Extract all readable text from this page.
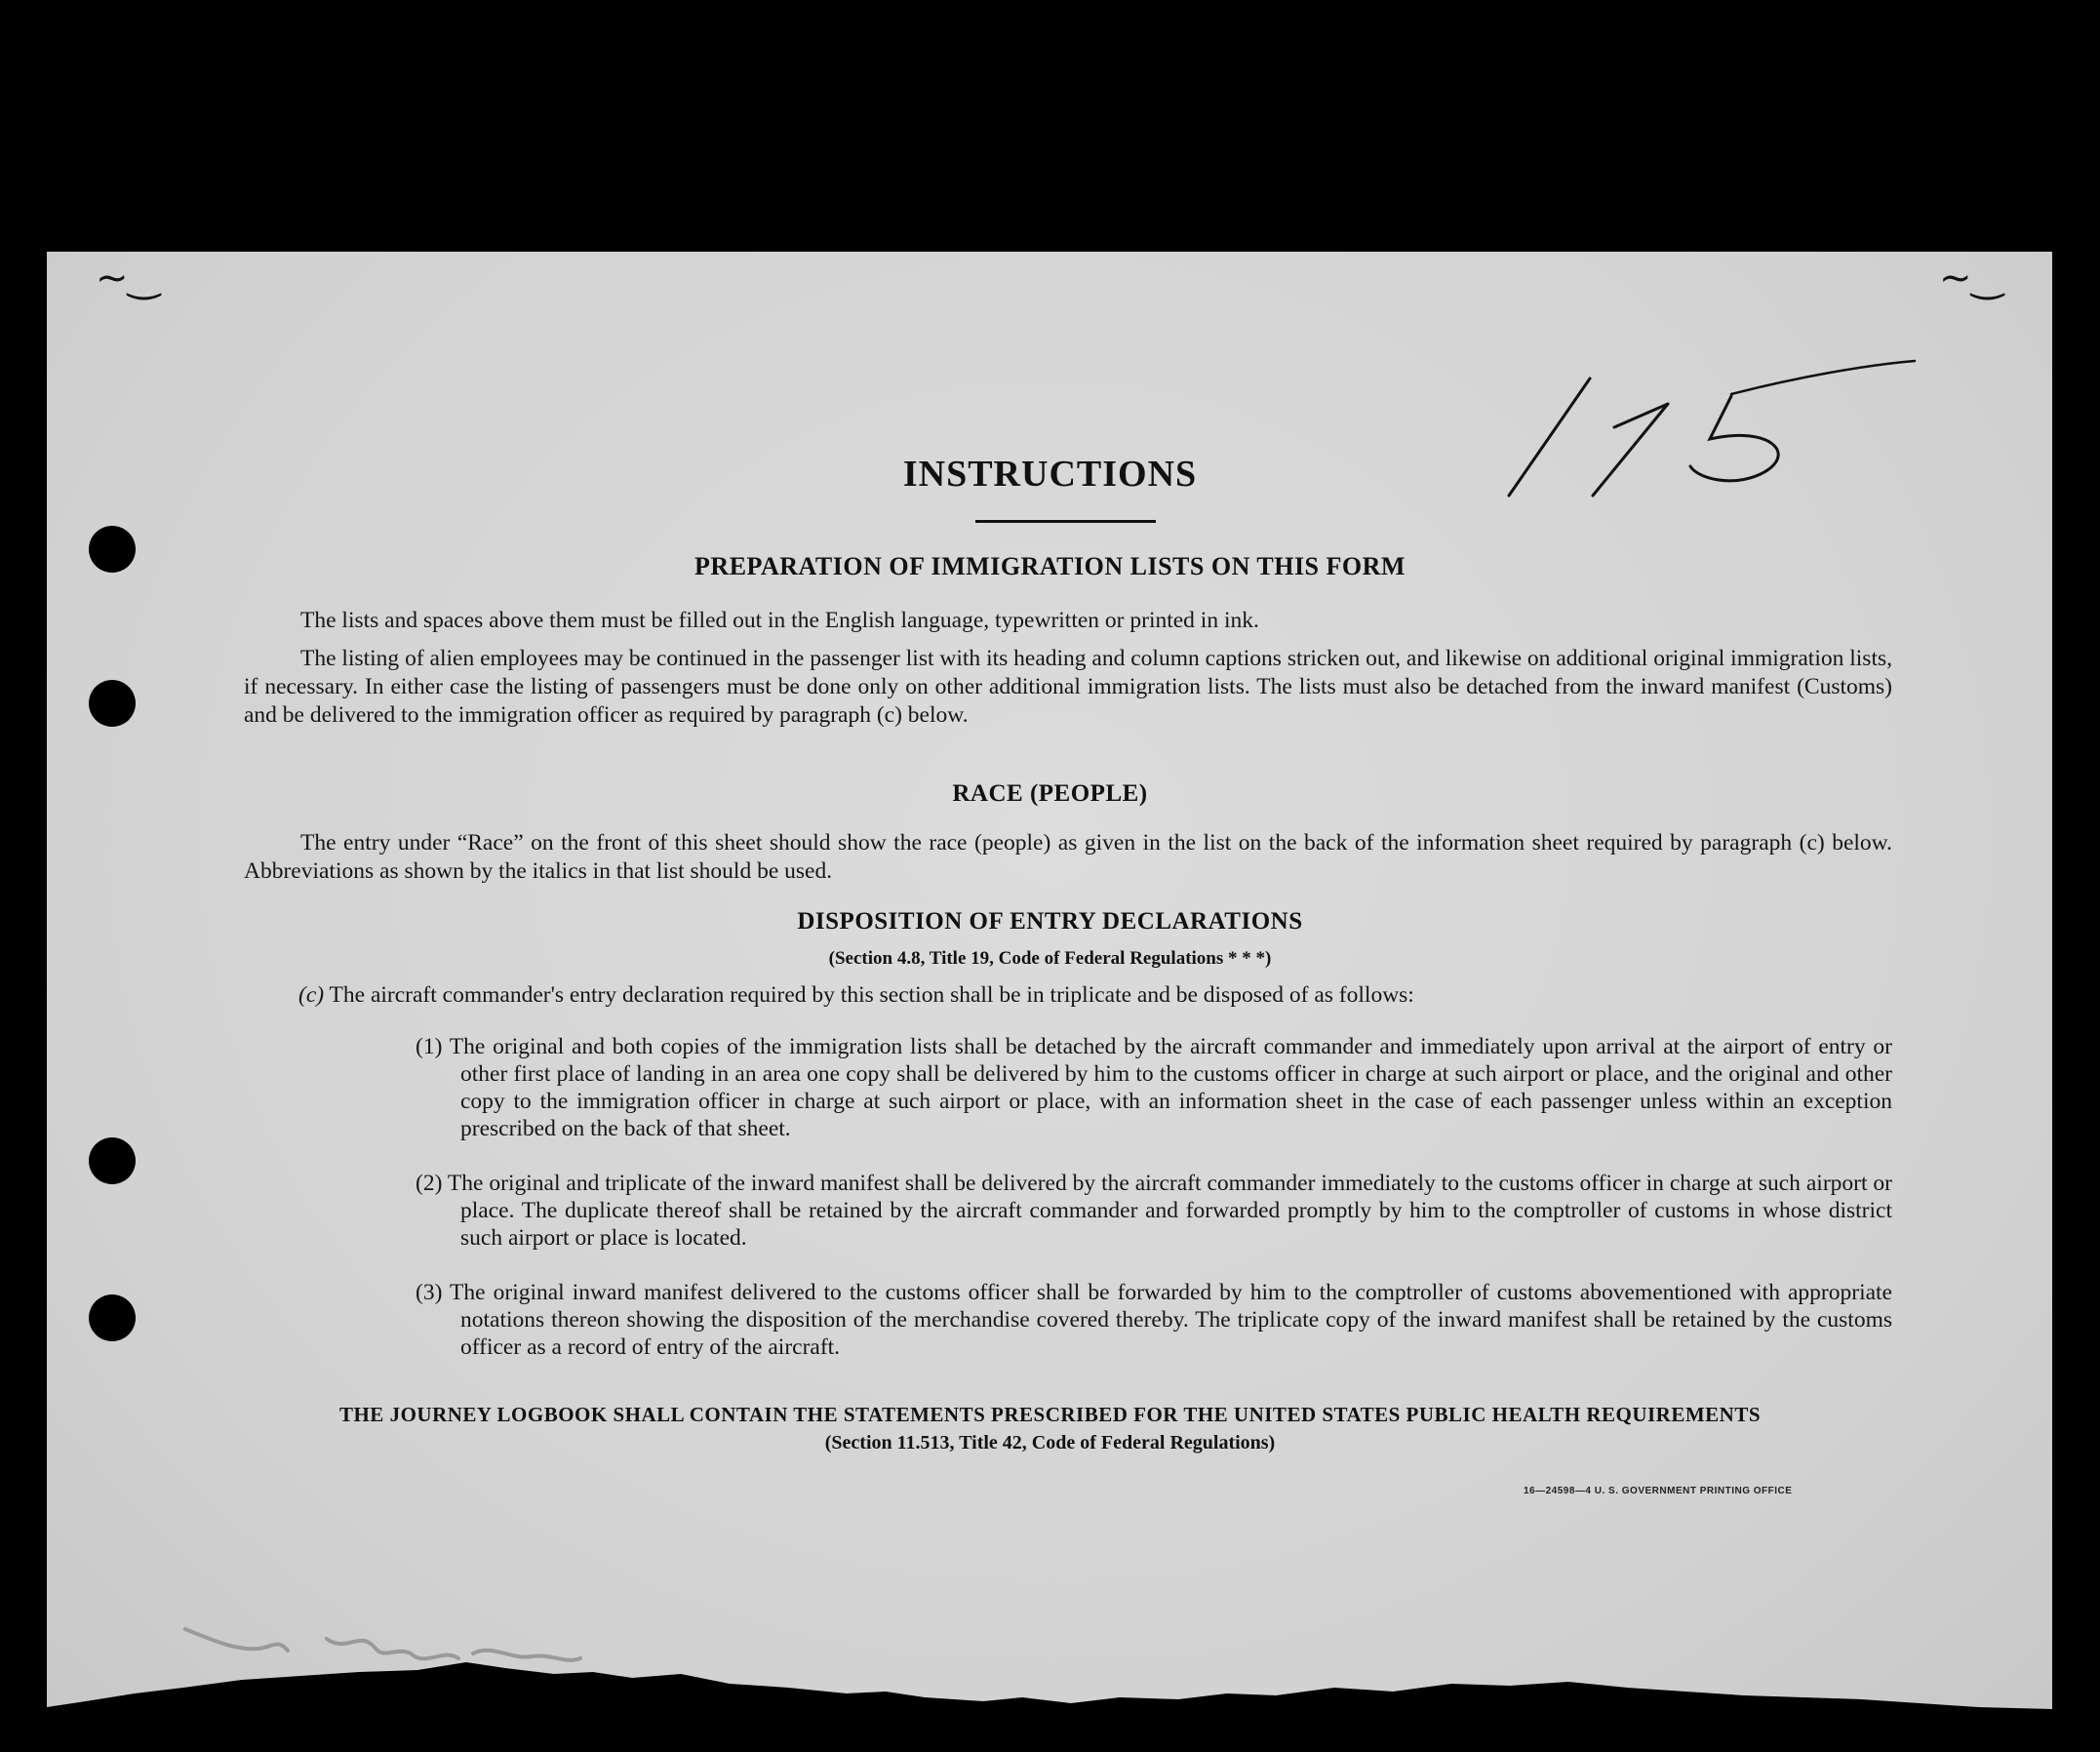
~‿	~‿
INSTRUCTIONS
PREPARATION OF IMMIGRATION LISTS ON THIS FORM

The lists and spaces above them must be filled out in the English language, typewritten or printed in ink.

The listing of alien employees may be continued in the passenger list with its heading and column captions stricken out, and likewise on additional original immigration lists, if necessary. In either case the listing of passengers must be done only on other additional immigration lists. The lists must also be detached from the inward manifest (Customs) and be delivered to the immigration officer as required by paragraph (c) below.

RACE (PEOPLE)

The entry under “Race” on the front of this sheet should show the race (people) as given in the list on the back of the information sheet required by paragraph (c) below. Abbreviations as shown by the italics in that list should be used.

DISPOSITION OF ENTRY DECLARATIONS
(Section 4.8, Title 19, Code of Federal Regulations * * *)

(c) The aircraft commander's entry declaration required by this section shall be in triplicate and be disposed of as follows:

(1) The original and both copies of the immigration lists shall be detached by the aircraft commander and immediately upon arrival at the airport of entry or other first place of landing in an area one copy shall be delivered by him to the customs officer in charge at such airport or place, and the original and other copy to the immigration officer in charge at such airport or place, with an information sheet in the case of each passenger unless within an exception prescribed on the back of that sheet.
(2) The original and triplicate of the inward manifest shall be delivered by the aircraft commander immediately to the customs officer in charge at such airport or place. The duplicate thereof shall be retained by the aircraft commander and forwarded promptly by him to the comptroller of customs in whose district such airport or place is located.
(3) The original inward manifest delivered to the customs officer shall be forwarded by him to the comptroller of customs abovementioned with appropriate notations thereon showing the disposition of the merchandise covered thereby. The triplicate copy of the inward manifest shall be retained by the customs officer as a record of entry of the aircraft.
THE JOURNEY LOGBOOK SHALL CONTAIN THE STATEMENTS PRESCRIBED FOR THE UNITED STATES PUBLIC HEALTH REQUIREMENTS
(Section 11.513, Title 42, Code of Federal Regulations)
16—24598—4 U. S. GOVERNMENT PRINTING OFFICE
